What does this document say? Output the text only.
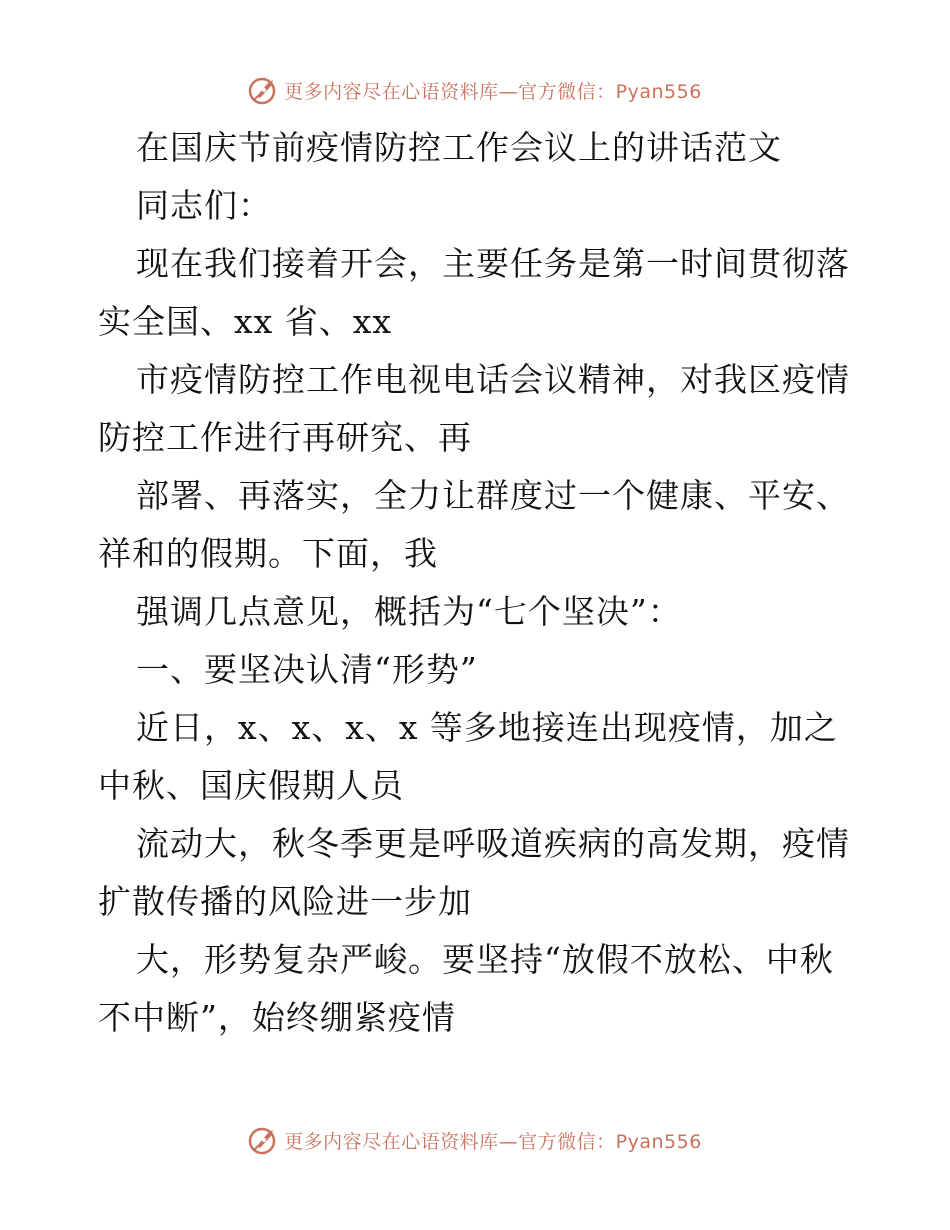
更多内容尽在心语资料库—官方微信：Pyan556
在国庆节前疫情防控工作会议上的讲话范文
同志们：
现在我们接着开会，主要任务是第一时间贯彻落
实全国、xx 省、xx
市疫情防控工作电视电话会议精神，对我区疫情
防控工作进行再研究、再
部署、再落实，全力让群度过一个健康、平安、
祥和的假期。下面，我
强调几点意见，概括为“七个坚决”：
一、要坚决认清“形势”
近日，x、x、x、x 等多地接连出现疫情，加之
中秋、国庆假期人员
流动大，秋冬季更是呼吸道疾病的高发期，疫情
扩散传播的风险进一步加
大，形势复杂严峻。要坚持“放假不放松、中秋
不中断”，始终绷紧疫情
更多内容尽在心语资料库—官方微信：Pyan556
